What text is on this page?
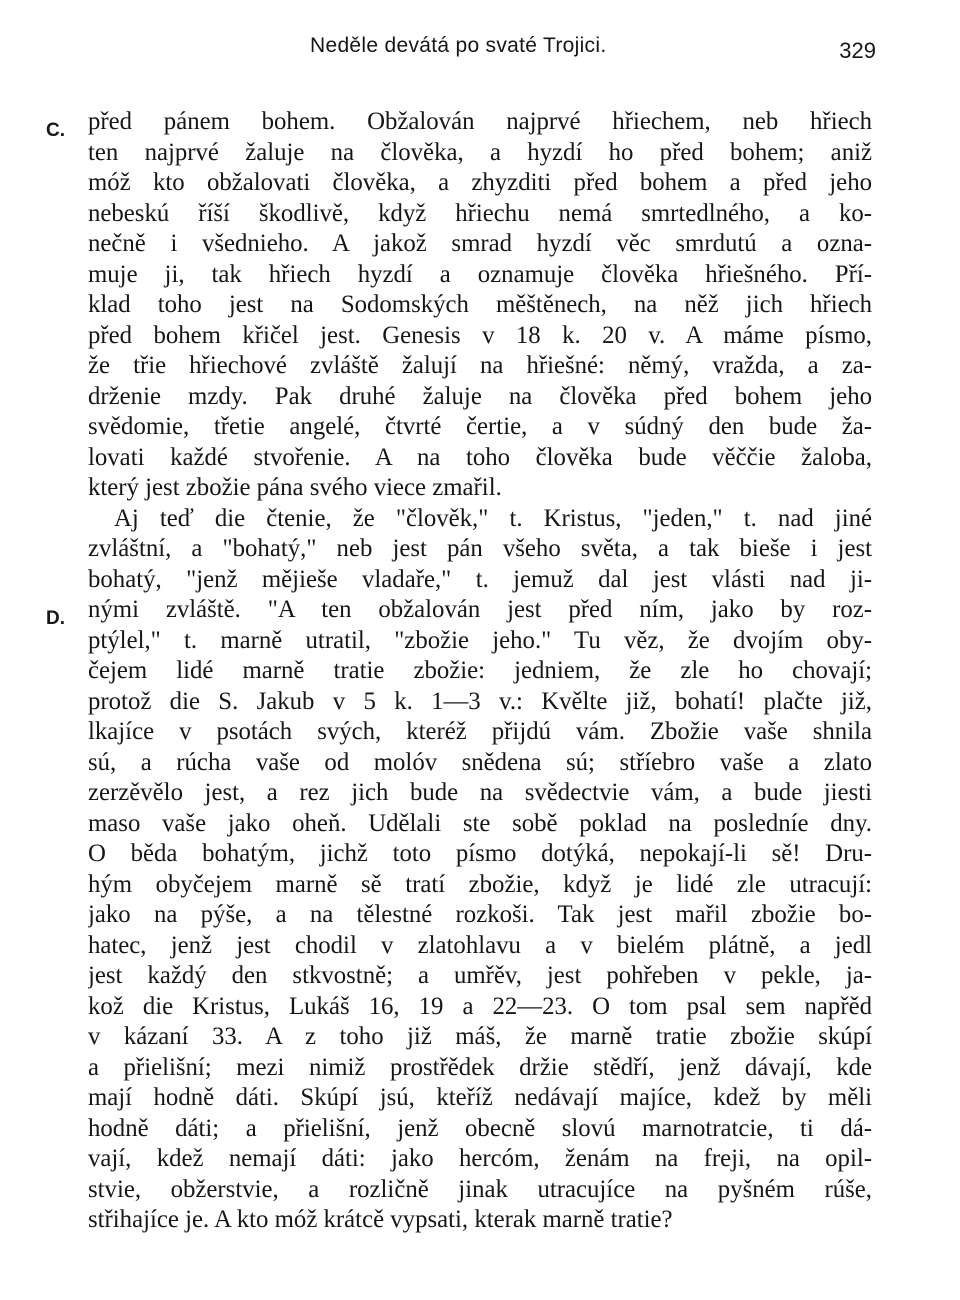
Neděle devátá po svaté Trojici.	329
C.
D.
před pánem bohem. Obžalován najprvé hřiechem, neb hřiech
ten najprvé žaluje na člověka, a hyzdí ho před bohem; aniž
móž kto obžalovati člověka, a zhyzditi před bohem a před jeho
nebeskú říší škodlivě, když hřiechu nemá smrtedlného, a ko-
nečně i všednieho. A jakož smrad hyzdí věc smrdutú a ozna-
muje ji, tak hřiech hyzdí a oznamuje člověka hřiešného. Pří-
klad toho jest na Sodomských měštěnech, na něž jich hřiech
před bohem křičel jest. Genesis v 18 k. 20 v. A máme písmo,
že třie hřiechové zvláště žalují na hřiešné: němý, vražda, a za-
drženie mzdy. Pak druhé žaluje na člověka před bohem jeho
svědomie, třetie angelé, čtvrté čertie, a v súdný den bude ža-
lovati každé stvořenie. A na toho člověka bude věččie žaloba,
který jest zbožie pána svého viece zmařil.
Aj teď die čtenie, že "člověk," t. Kristus, "jeden," t. nad jiné
zvláštní, a "bohatý," neb jest pán všeho světa, a tak bieše i jest
bohatý, "jenž mějieše vladaře," t. jemuž dal jest vlásti nad ji-
nými zvláště. "A ten obžalován jest před ním, jako by roz-
ptýlel," t. marně utratil, "zbožie jeho." Tu věz, že dvojím oby-
čejem lidé marně tratie zbožie: jedniem, že zle ho chovají;
protož die S. Jakub v 5 k. 1—3 v.: Kvělte již, bohatí! plačte již,
lkajíce v psotách svých, kteréž přijdú vám. Zbožie vaše shnila
sú, a rúcha vaše od molóv snědena sú; stříebro vaše a zlato
zerzěvělo jest, a rez jich bude na svědectvie vám, a bude jiesti
maso vaše jako oheň. Udělali ste sobě poklad na posledníe dny.
O běda bohatým, jichž toto písmo dotýká, nepokají-li sě! Dru-
hým obyčejem marně sě tratí zbožie, když je lidé zle utracují:
jako na pýše, a na tělestné rozkoši. Tak jest mařil zbožie bo-
hatec, jenž jest chodil v zlatohlavu a v bielém plátně, a jedl
jest každý den stkvostně; a umřěv, jest pohřeben v pekle, ja-
kož die Kristus, Lukáš 16, 19 a 22—23. O tom psal sem napřěd
v kázaní 33. A z toho již máš, že marně tratie zbožie skúpí
a přielišní; mezi nimiž prostřědek držie stědří, jenž dávají, kde
mají hodně dáti. Skúpí jsú, kteříž nedávají majíce, kdež by měli
hodně dáti; a přielišní, jenž obecně slovú marnotratcie, ti dá-
vají, kdež nemají dáti: jako hercóm, ženám na freji, na opil-
stvie, obžerstvie, a rozličně jinak utracujíce na pyšném rúše,
střihajíce je. A kto móž krátcě vypsati, kterak marně tratie?
